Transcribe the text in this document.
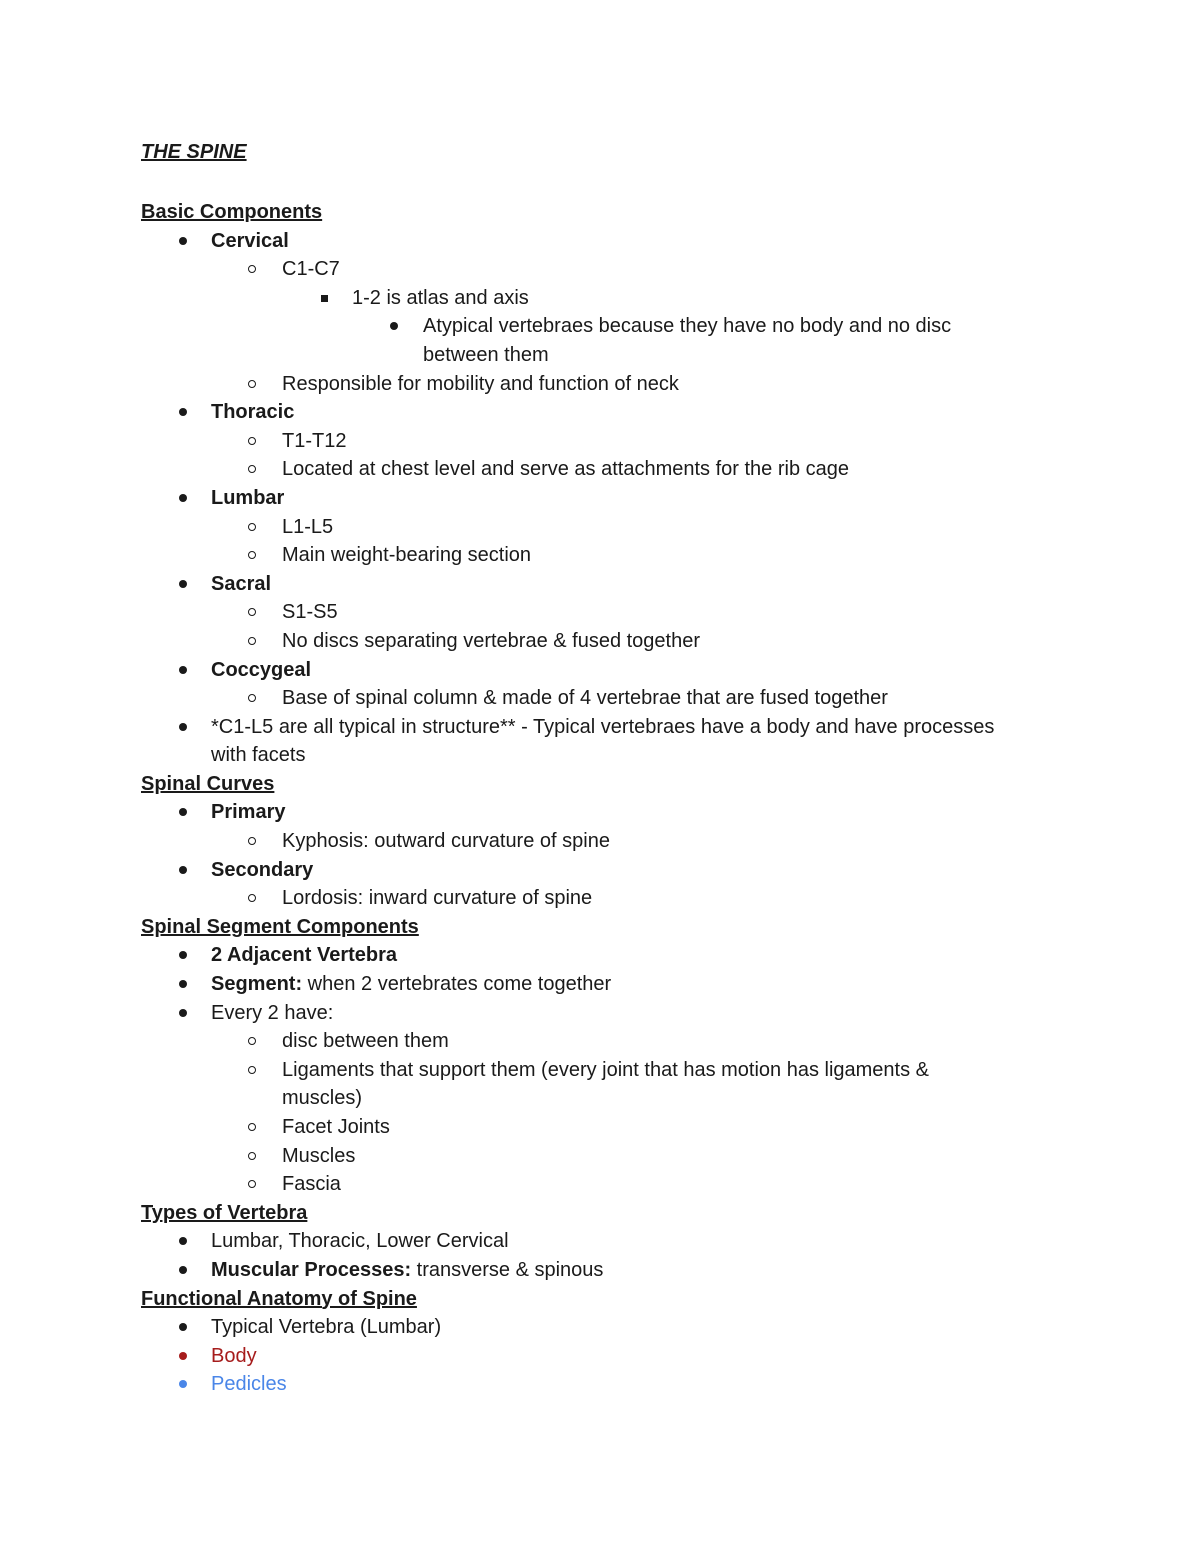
THE SPINE
Basic Components
Cervical
C1-C7
1-2 is atlas and axis
Atypical vertebraes because they have no body and no disc
between them
Responsible for mobility and function of neck
Thoracic
T1-T12
Located at chest level and serve as attachments for the rib cage
Lumbar
L1-L5
Main weight-bearing section
Sacral
S1-S5
No discs separating vertebrae & fused together
Coccygeal
Base of spinal column & made of 4 vertebrae that are fused together
*C1-L5 are all typical in structure** - Typical vertebraes have a body and have processes
with facets
Spinal Curves
Primary
Kyphosis: outward curvature of spine
Secondary
Lordosis: inward curvature of spine
Spinal Segment Components
2 Adjacent Vertebra
Segment: when 2 vertebrates come together
Every 2 have:
disc between them
Ligaments that support them (every joint that has motion has ligaments &
muscles)
Facet Joints
Muscles
Fascia
Types of Vertebra
Lumbar, Thoracic, Lower Cervical
Muscular Processes: transverse & spinous
Functional Anatomy of Spine
Typical Vertebra (Lumbar)
Body
Pedicles
